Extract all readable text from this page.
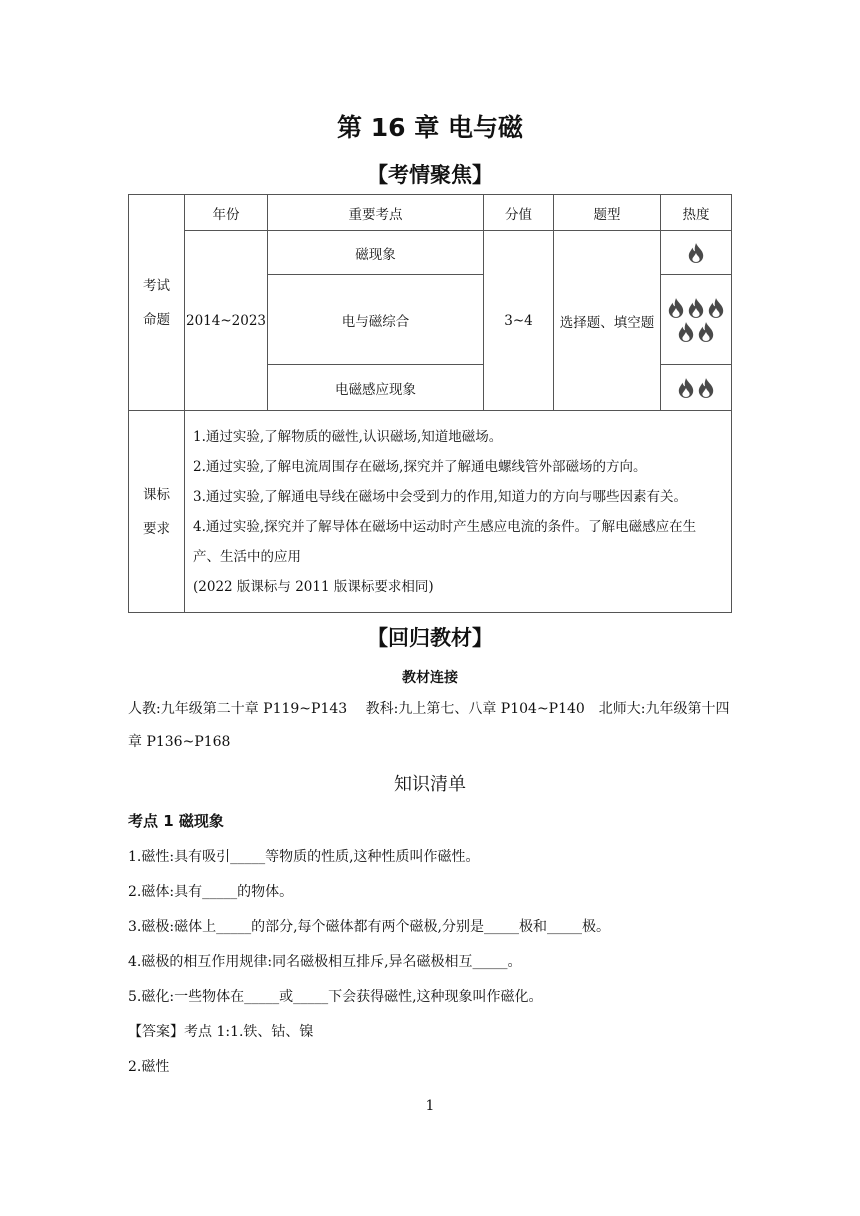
第 16 章 电与磁
【考情聚焦】
考试命题	年份	重要考点	分值	题型	热度
	2014~2023	磁现象	3~4	选择题、填空题	

		电与磁综合	

		电磁感应现象	

课标要求	1.通过实验,了解物质的磁性,认识磁场,知道地磁场。
2.通过实验,了解电流周围存在磁场,探究并了解通电螺线管外部磁场的方向。
3.通过实验,了解通电导线在磁场中会受到力的作用,知道力的方向与哪些因素有关。
4.通过实验,探究并了解导体在磁场中运动时产生感应电流的条件。了解电磁感应在生产、生活中的应用
(2022 版课标与 2011 版课标要求相同)				
【回归教材】
教材连接
人教:九年级第二十章 P119~P143　 教科:九上第七、八章 P104~P140　北师大:九年级第十四章 P136~P168
知识清单
考点 1 磁现象
1.磁性:具有吸引_____等物质的性质,这种性质叫作磁性。
2.磁体:具有_____的物体。
3.磁极:磁体上_____的部分,每个磁体都有两个磁极,分别是_____极和_____极。
4.磁极的相互作用规律:同名磁极相互排斥,异名磁极相互_____。
5.磁化:一些物体在_____或_____下会获得磁性,这种现象叫作磁化。
【答案】考点 1:1.铁、钴、镍
2.磁性
1
